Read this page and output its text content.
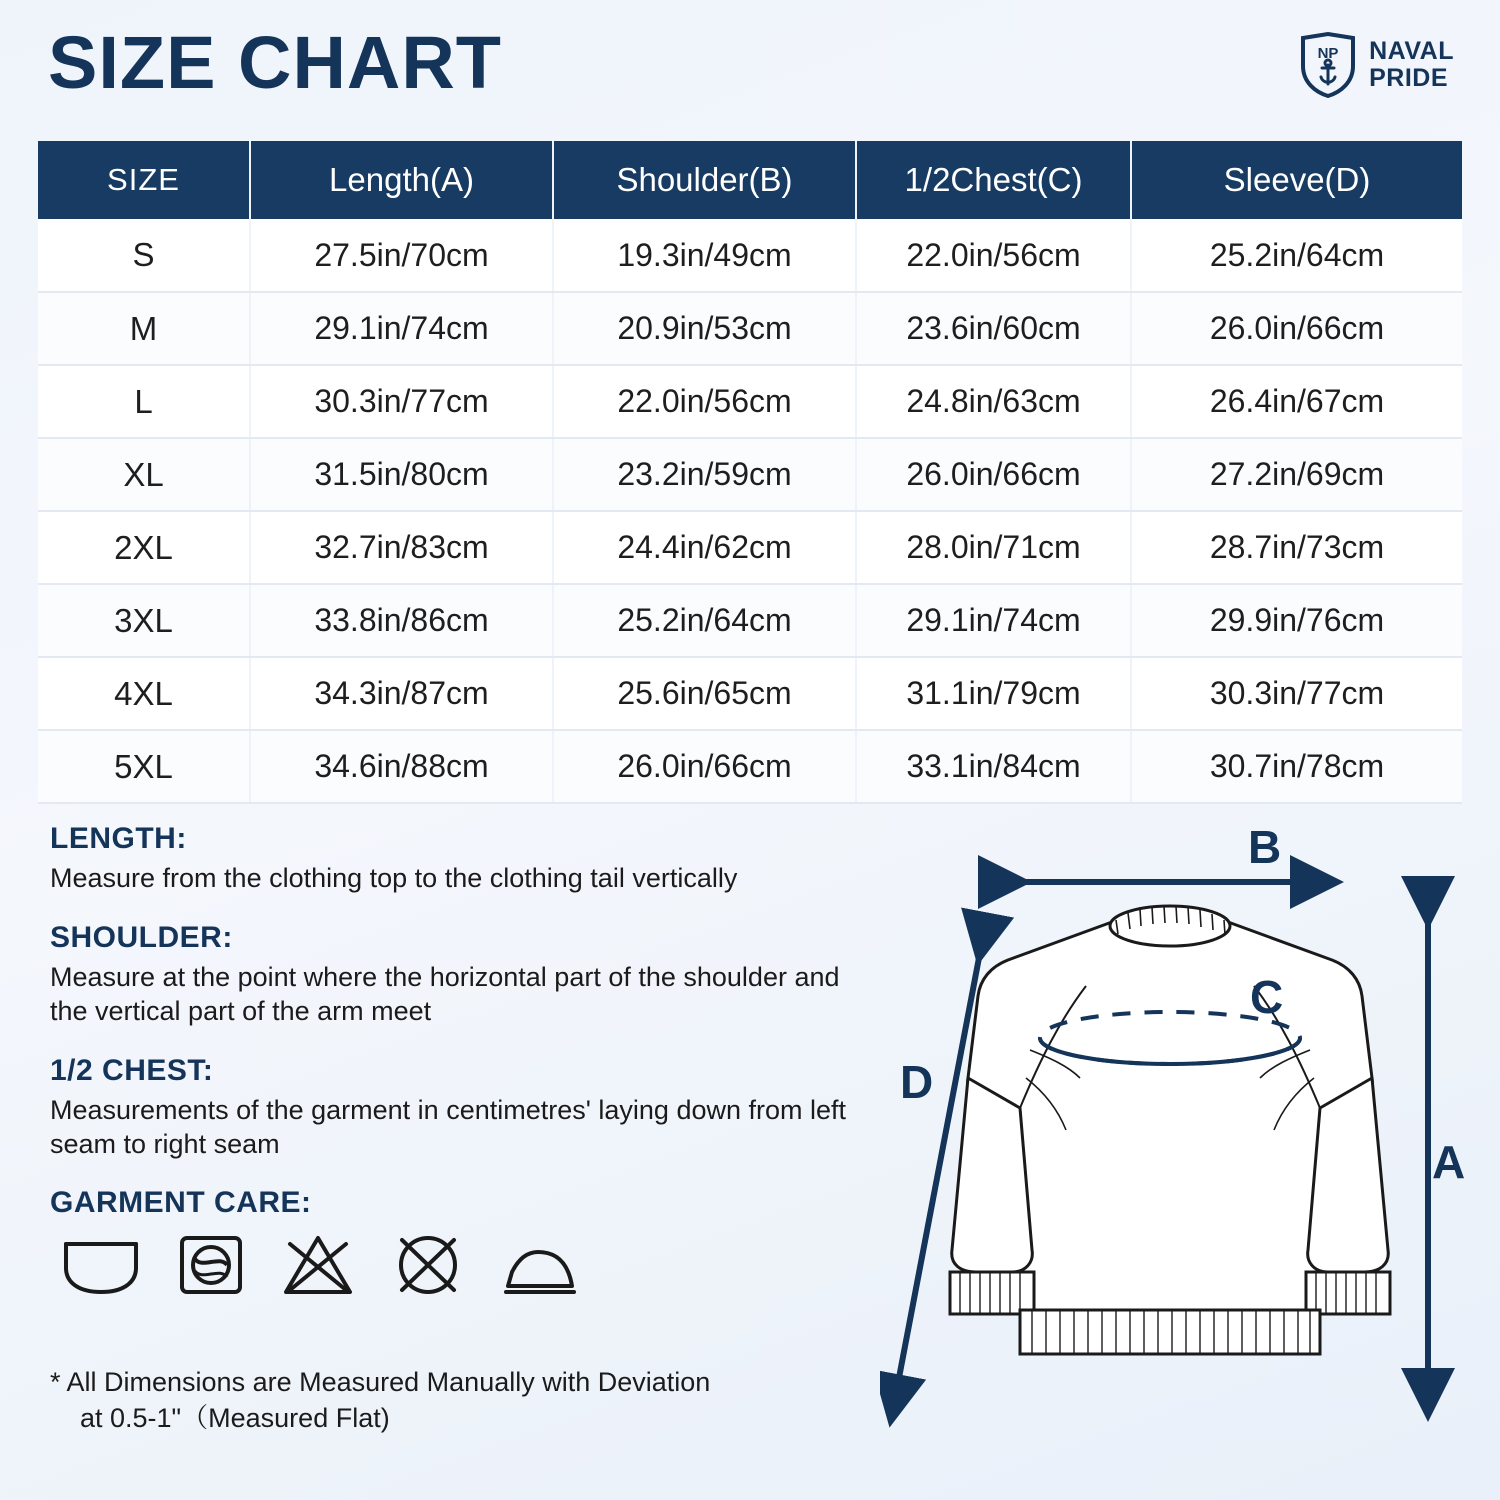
SIZE CHART	NP NAVAL
PRIDE
SIZE	Length(A)	Shoulder(B)	1/2Chest(C)	Sleeve(D)
S	27.5in/70cm	19.3in/49cm	22.0in/56cm	25.2in/64cm
M	29.1in/74cm	20.9in/53cm	23.6in/60cm	26.0in/66cm
L	30.3in/77cm	22.0in/56cm	24.8in/63cm	26.4in/67cm
XL	31.5in/80cm	23.2in/59cm	26.0in/66cm	27.2in/69cm
2XL	32.7in/83cm	24.4in/62cm	28.0in/71cm	28.7in/73cm
3XL	33.8in/86cm	25.2in/64cm	29.1in/74cm	29.9in/76cm
4XL	34.3in/87cm	25.6in/65cm	31.1in/79cm	30.3in/77cm
5XL	34.6in/88cm	26.0in/66cm	33.1in/84cm	30.7in/78cm

LENGTH:

Measure from the clothing top to the clothing tail vertically

SHOULDER:

Measure at the point where the horizontal part of the shoulder and the vertical part of the arm meet

1/2 CHEST:

Measurements of the garment in centimetres' laying down from left seam to right seam

GARMENT CARE:

* All Dimensions are Measured Manually with Deviation
at 0.5-1"（Measured Flat)
B
D
A
C
